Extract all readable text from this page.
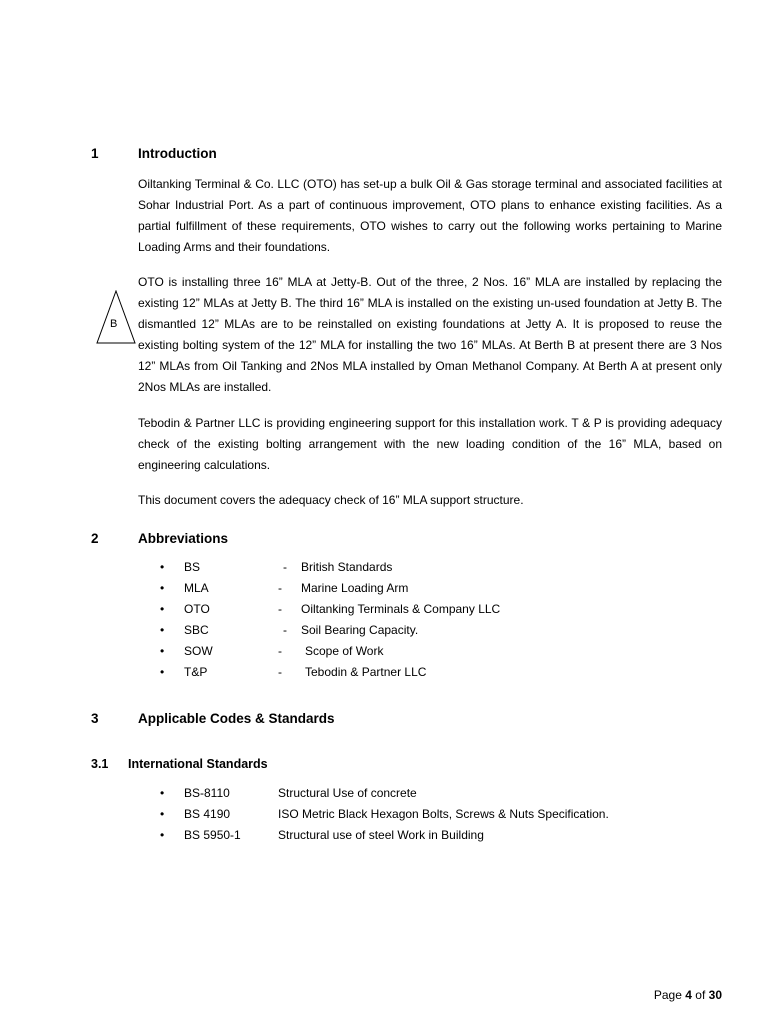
1	Introduction
Oiltanking Terminal & Co. LLC (OTO) has set-up a bulk Oil & Gas storage terminal and associated facilities at Sohar Industrial Port. As a part of continuous improvement, OTO plans to enhance existing facilities. As a partial fulfillment of these requirements, OTO wishes to carry out the following works pertaining to Marine Loading Arms and their foundations.
OTO is installing three 16” MLA at Jetty-B. Out of the three, 2 Nos. 16” MLA are installed by replacing the existing 12” MLAs at Jetty B. The third 16” MLA is installed on the existing un-used foundation at Jetty B. The dismantled 12” MLAs are to be reinstalled on existing foundations at Jetty A. It is proposed to reuse the existing bolting system of the 12” MLA for installing the two 16” MLAs. At Berth B at present there are 3 Nos 12” MLAs from Oil Tanking and 2Nos MLA installed by Oman Methanol Company. At Berth A at present only 2Nos MLAs are installed.
Tebodin & Partner LLC is providing engineering support for this installation work. T & P is providing adequacy check of the existing bolting arrangement with the new loading condition of the 16” MLA, based on engineering calculations.
This document covers the adequacy check of 16” MLA support structure.
B
2	Abbreviations
• BS	- British Standards
• MLA	- Marine Loading Arm
• OTO	- Oiltanking Terminals & Company LLC
• SBC	- Soil Bearing Capacity.
• SOW	- Scope of Work
• T&P	- Tebodin & Partner LLC
3	Applicable Codes & Standards
3.1 International Standards
• BS-8110	Structural Use of concrete
• BS 4190	ISO Metric Black Hexagon Bolts, Screws & Nuts Specification.
• BS 5950-1	Structural use of steel Work in Building
Page 4 of 30
